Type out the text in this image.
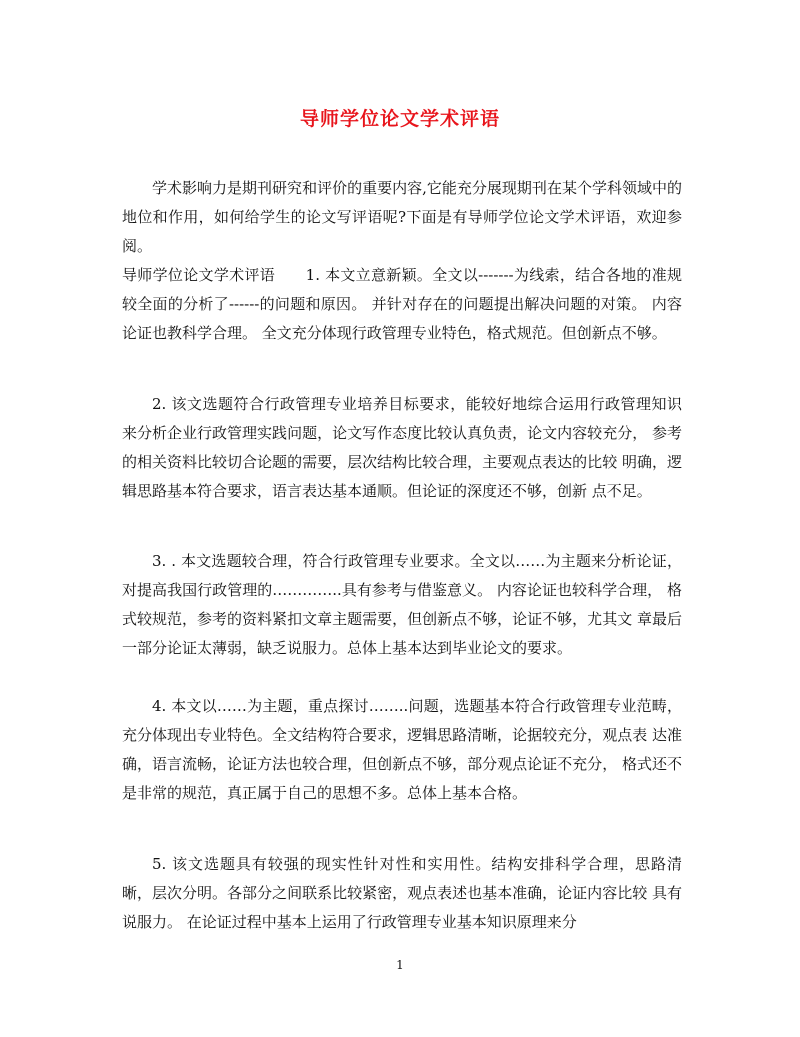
导师学位论文学术评语

学术影响力是期刊研究和评价的重要内容,它能充分展现期刊在某个学科领域中的地位和作用，如何给学生的论文写评语呢?下面是有导师学位论文学术评语，欢迎参阅。

导师学位论文学术评语　　1. 本文立意新颖。全文以-------为线索，结合各地的准规较全面的分析了------的问题和原因。 并针对存在的问题提出解决问题的对策。 内容论证也教科学合理。 全文充分体现行政管理专业特色，格式规范。但创新点不够。

2. 该文选题符合行政管理专业培养目标要求，能较好地综合运用行政管理知识 来分析企业行政管理实践问题，论文写作态度比较认真负责，论文内容较充分， 参考的相关资料比较切合论题的需要，层次结构比较合理，主要观点表达的比较 明确，逻辑思路基本符合要求，语言表达基本通顺。但论证的深度还不够，创新 点不足。

3. . 本文选题较合理，符合行政管理专业要求。全文以……为主题来分析论证， 对提高我国行政管理的…………..具有参考与借鉴意义。 内容论证也较科学合理， 格式较规范，参考的资料紧扣文章主题需要，但创新点不够，论证不够，尤其文 章最后一部分论证太薄弱，缺乏说服力。总体上基本达到毕业论文的要求。

4. 本文以……为主题，重点探讨……..问题，选题基本符合行政管理专业范畴， 充分体现出专业特色。全文结构符合要求，逻辑思路清晰，论据较充分，观点表 达准确，语言流畅，论证方法也较合理，但创新点不够，部分观点论证不充分， 格式还不是非常的规范，真正属于自己的思想不多。总体上基本合格。

5. 该文选题具有较强的现实性针对性和实用性。结构安排科学合理，思路清 晰，层次分明。各部分之间联系比较紧密，观点表述也基本准确，论证内容比较 具有说服力。 在论证过程中基本上运用了行政管理专业基本知识原理来分

1
